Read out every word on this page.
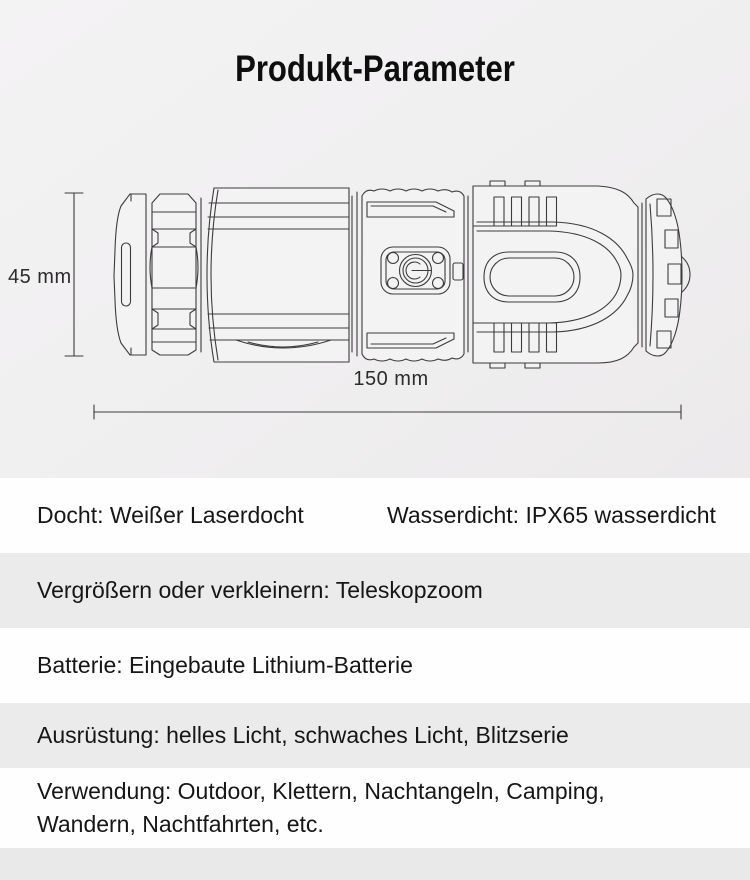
Produkt-Parameter
45 mm
150 mm
Docht: Weißer Laserdocht	Wasserdicht: IPX65 wasserdicht
Vergrößern oder verkleinern: Teleskopzoom
Batterie: Eingebaute Lithium-Batterie
Ausrüstung: helles Licht, schwaches Licht, Blitzserie
Verwendung: Outdoor, Klettern, Nachtangeln, Camping, Wandern, Nachtfahrten, etc.
